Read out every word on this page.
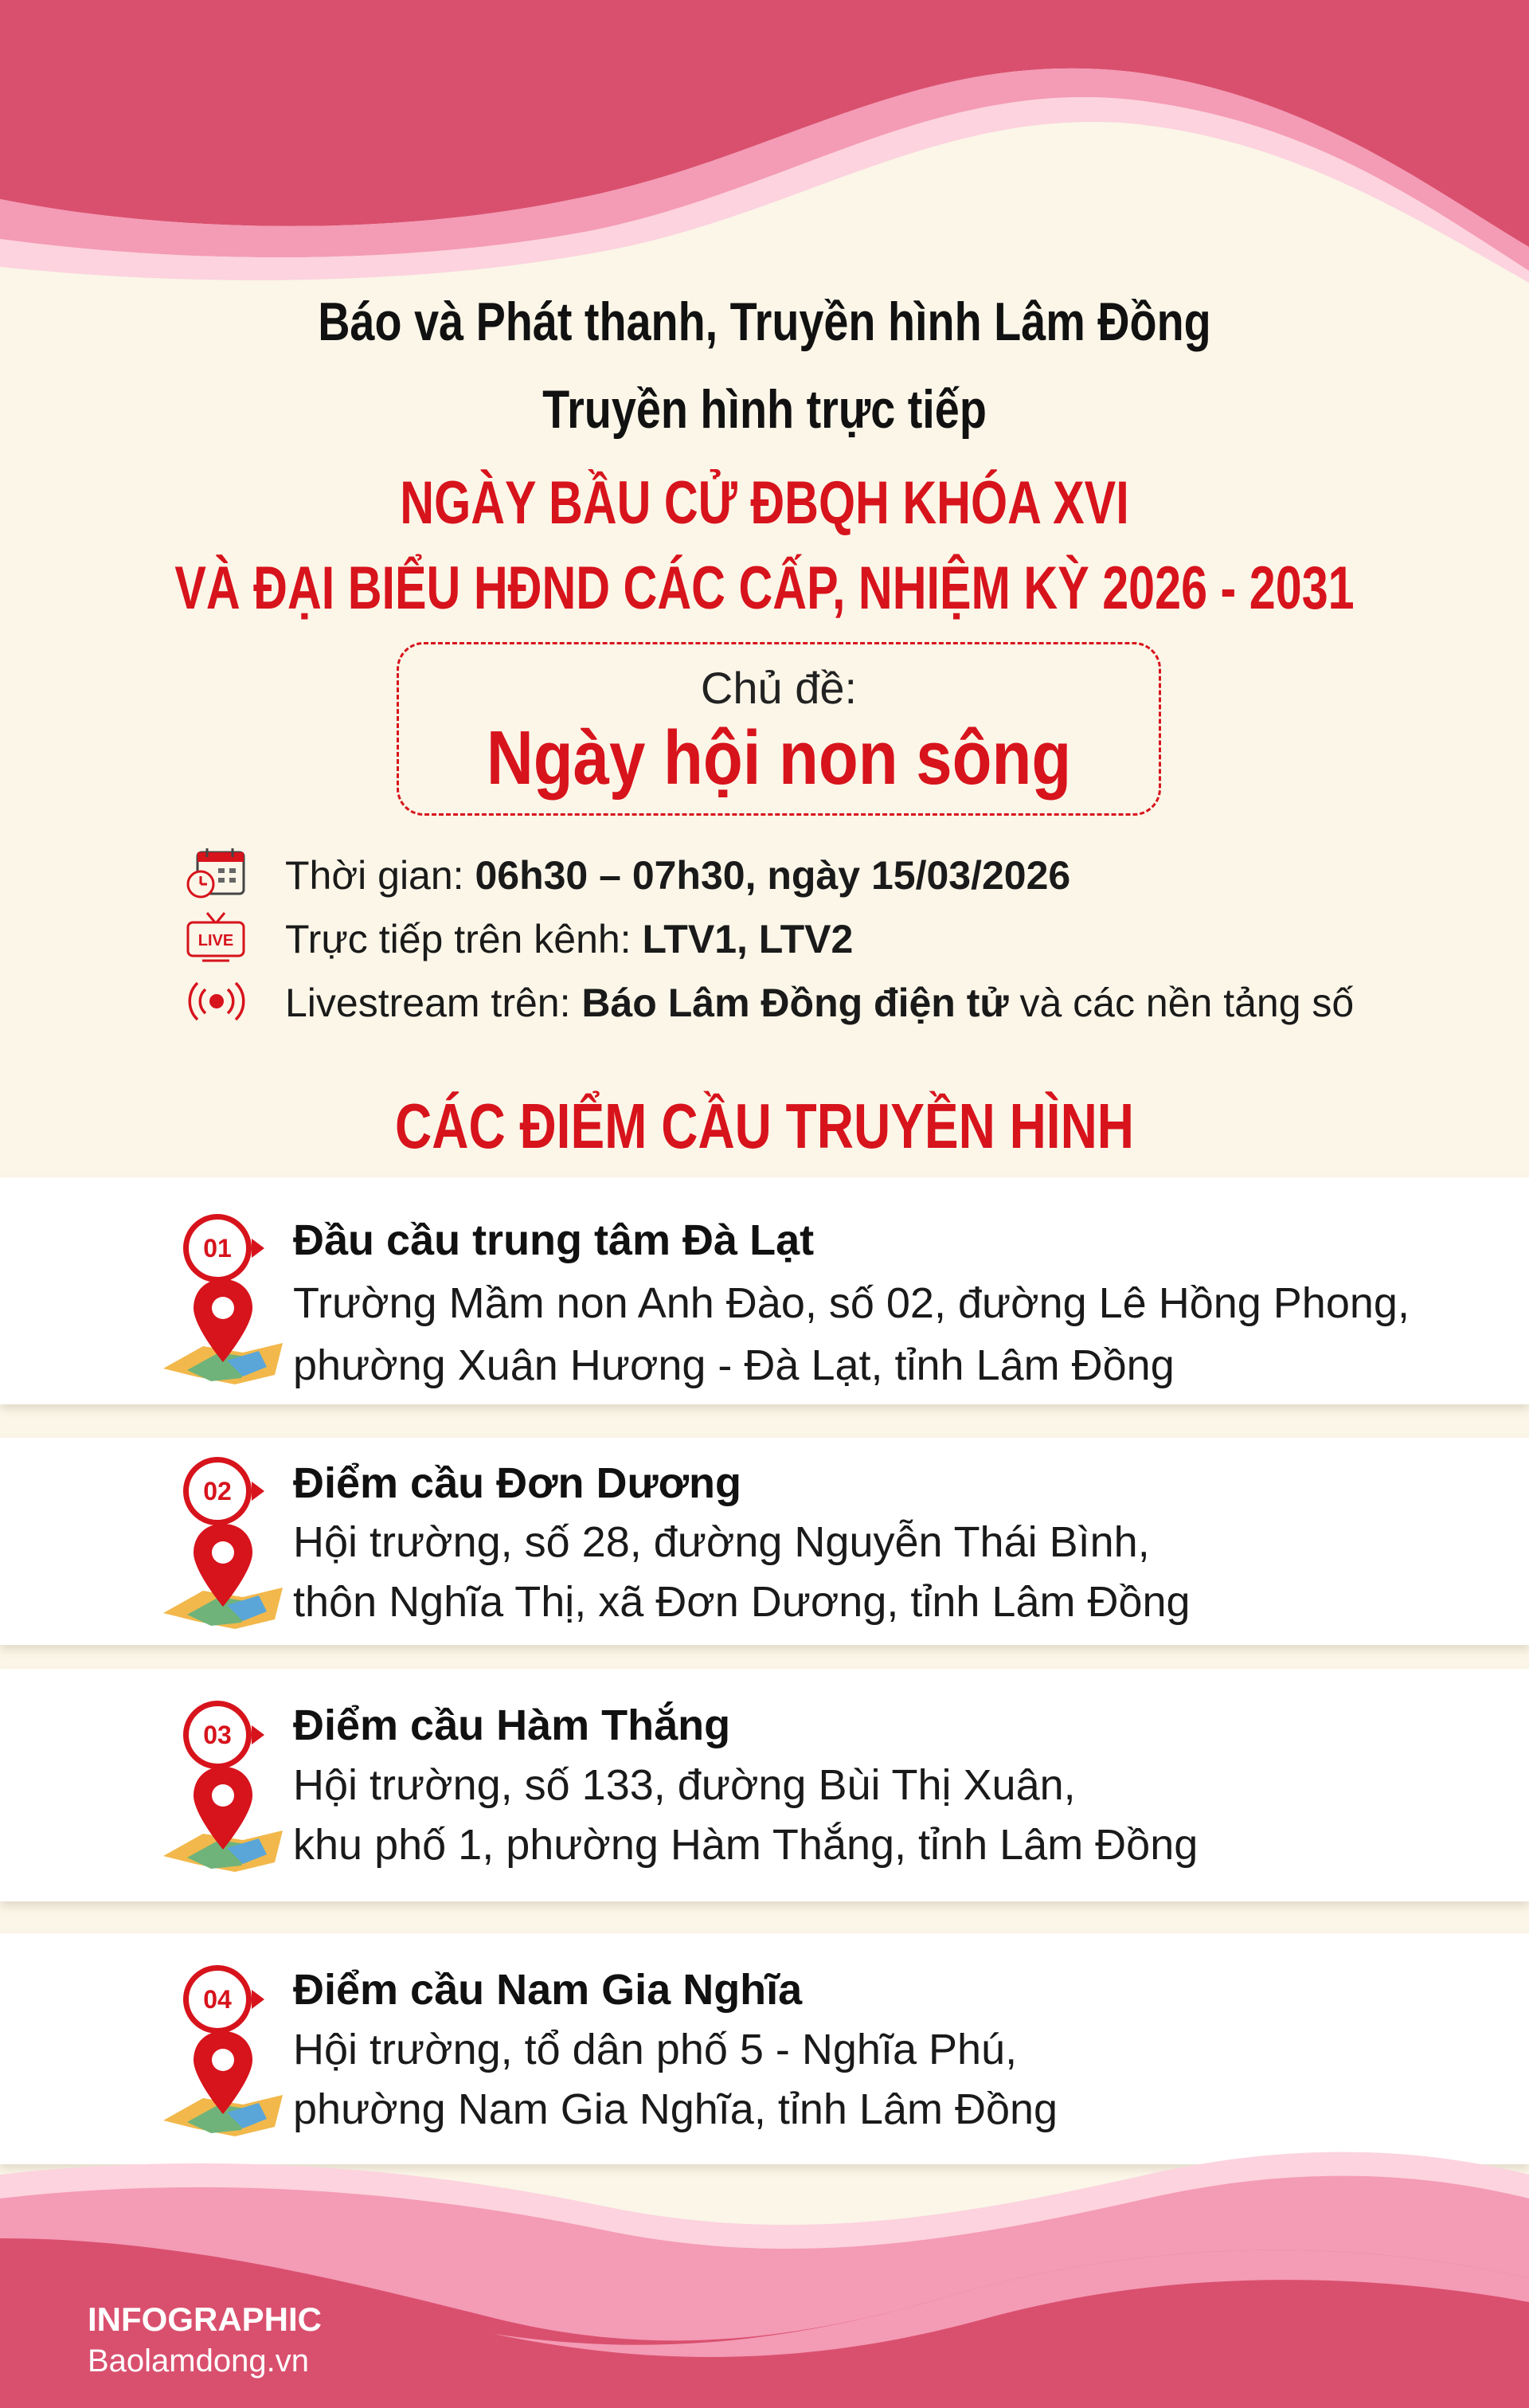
Báo và Phát thanh, Truyền hình Lâm Đồng
Truyền hình trực tiếp
NGÀY BẦU CỬ ĐBQH KHÓA XVI
VÀ ĐẠI BIỂU HĐND CÁC CẤP, NHIỆM KỲ 2026 - 2031
Chủ đề:
Ngày hội non sông
Thời gian: 06h30 – 07h30, ngày 15/03/2026
LIVE Trực tiếp trên kênh: LTV1, LTV2
Livestream trên: Báo Lâm Đồng điện tử và các nền tảng số
CÁC ĐIỂM CẦU TRUYỀN HÌNH
01	Đầu cầu trung tâm Đà Lạt
Trường Mầm non Anh Đào, số 02, đường Lê Hồng Phong,
phường Xuân Hương - Đà Lạt, tỉnh Lâm Đồng
02	Điểm cầu Đơn Dương
Hội trường, số 28, đường Nguyễn Thái Bình,
thôn Nghĩa Thị, xã Đơn Dương, tỉnh Lâm Đồng
03	Điểm cầu Hàm Thắng
Hội trường, số 133, đường Bùi Thị Xuân,
khu phố 1, phường Hàm Thắng, tỉnh Lâm Đồng
04	Điểm cầu Nam Gia Nghĩa
Hội trường, tổ dân phố 5 - Nghĩa Phú,
phường Nam Gia Nghĩa, tỉnh Lâm Đồng
INFOGRAPHIC
Baolamdong.vn
